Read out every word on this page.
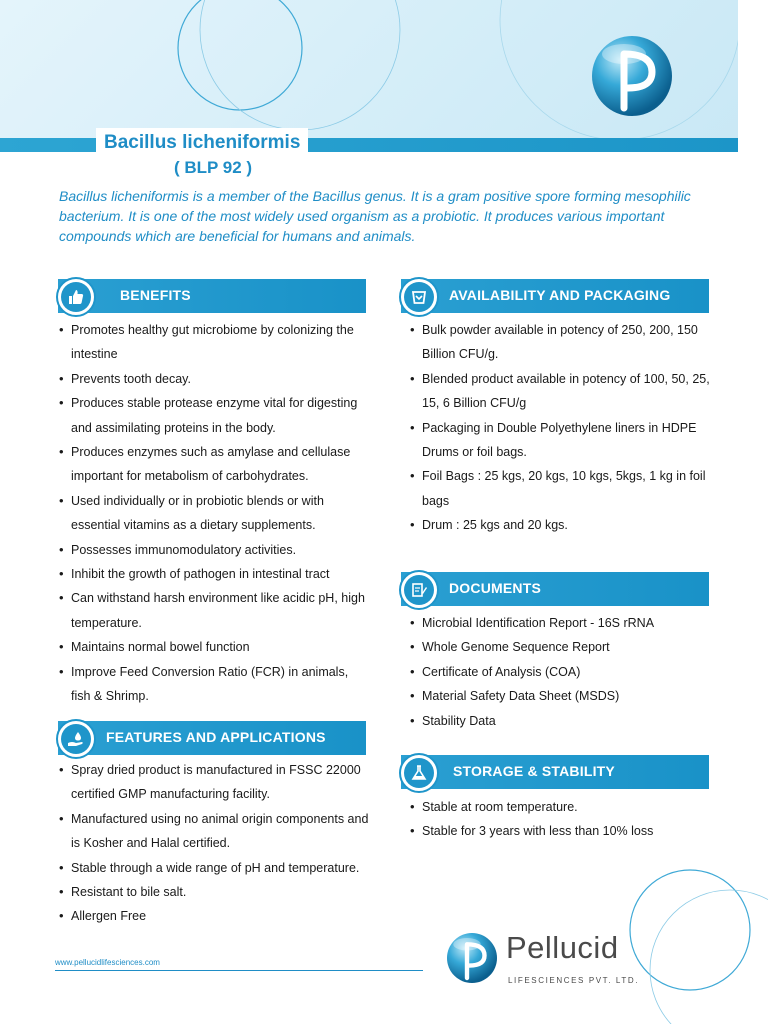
Bacillus licheniformis
( BLP 92 )
Bacillus licheniformis is a member of the Bacillus genus. It is a gram positive spore forming mesophilic bacterium. It is one of the most widely used organism as a probiotic. It produces various important compounds which are beneficial for humans and animals.
BENEFITS
• Promotes healthy gut microbiome by colonizing the intestine
• Prevents tooth decay.
• Produces stable protease enzyme vital for digesting and assimilating proteins in the body.
• Produces enzymes such as amylase and cellulase important for metabolism of carbohydrates.
• Used individually or in probiotic blends or with essential vitamins as a dietary supplements.
• Possesses immunomodulatory activities.
• Inhibit the growth of pathogen in intestinal tract
• Can withstand harsh environment like acidic pH, high temperature.
• Maintains normal bowel function
• Improve Feed Conversion Ratio (FCR) in animals, fish & Shrimp.
FEATURES AND APPLICATIONS
• Spray dried product is manufactured in FSSC 22000 certified GMP manufacturing facility.
• Manufactured using no animal origin components and is Kosher and Halal certified.
• Stable through a wide range of pH and temperature.
• Resistant to bile salt.
• Allergen Free
AVAILABILITY AND PACKAGING
• Bulk powder available in potency of 250, 200, 150 Billion CFU/g.
• Blended product available in potency of 100, 50, 25, 15, 6 Billion CFU/g
• Packaging in Double Polyethylene liners in HDPE Drums or foil bags.
• Foil Bags : 25 kgs, 20 kgs, 10 kgs, 5kgs, 1 kg in foil bags
• Drum : 25 kgs and 20 kgs.
DOCUMENTS
• Microbial Identification Report - 16S rRNA
• Whole Genome Sequence Report
• Certificate of Analysis (COA)
• Material Safety Data Sheet (MSDS)
• Stability Data
STORAGE & STABILITY
• Stable at room temperature.
• Stable for 3 years with less than 10% loss
www.pellucidlifesciences.com	Pellucid
LIFESCIENCES PVT. LTD.
